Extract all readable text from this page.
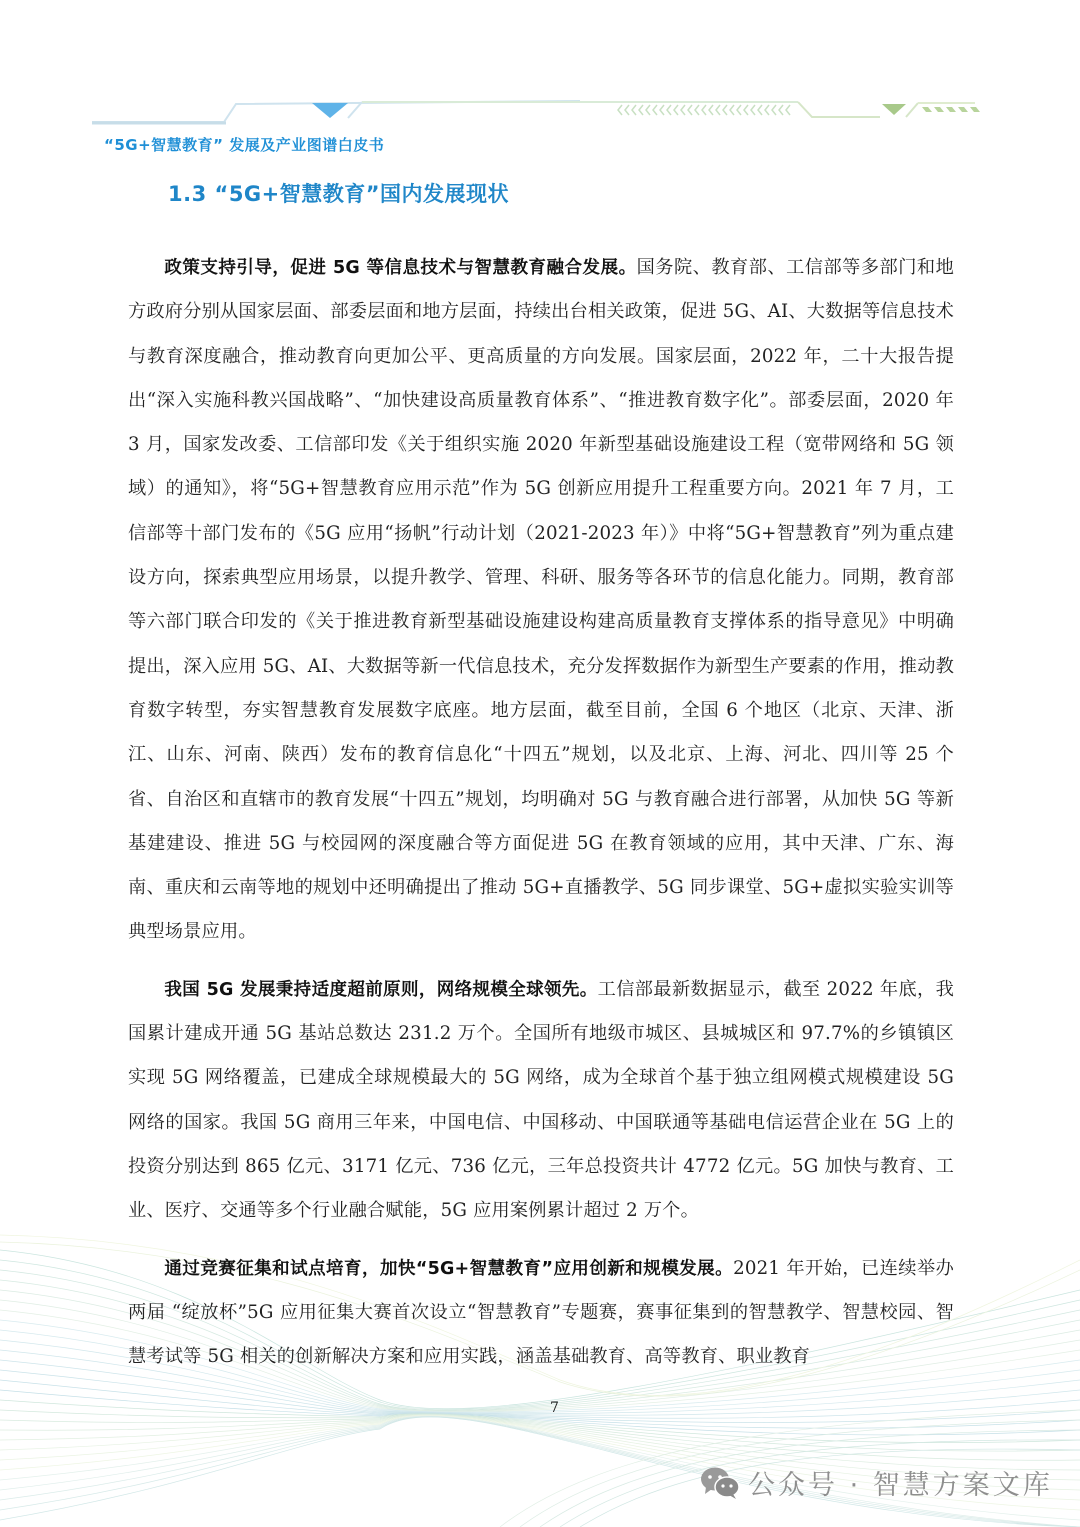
“5G+智慧教育” 发展及产业图谱白皮书
1.3 “5G+智慧教育”国内发展现状

政策支持引导，促进 5G 等信息技术与智慧教育融合发展。国务院、教育部、工信部等多部门和地方政府分别从国家层面、部委层面和地方层面，持续出台相关政策，促进 5G、AI、大数据等信息技术与教育深度融合，推动教育向更加公平、更高质量的方向发展。国家层面，2022 年，二十大报告提出“深入实施科教兴国战略”、“加快建设高质量教育体系”、“推进教育数字化”。部委层面，2020 年 3 月，国家发改委、工信部印发《关于组织实施 2020 年新型基础设施建设工程（宽带网络和 5G 领域）的通知》，将“5G+智慧教育应用示范”作为 5G 创新应用提升工程重要方向。2021 年 7 月，工信部等十部门发布的《5G 应用“扬帆”行动计划（2021-2023 年）》中将“5G+智慧教育”列为重点建设方向，探索典型应用场景，以提升教学、管理、科研、服务等各环节的信息化能力。同期，教育部等六部门联合印发的《关于推进教育新型基础设施建设构建高质量教育支撑体系的指导意见》中明确提出，深入应用 5G、AI、大数据等新一代信息技术，充分发挥数据作为新型生产要素的作用，推动教育数字转型，夯实智慧教育发展数字底座。地方层面，截至目前，全国 6 个地区（北京、天津、浙江、山东、河南、陕西）发布的教育信息化“十四五”规划，以及北京、上海、河北、四川等 25 个省、自治区和直辖市的教育发展“十四五”规划，均明确对 5G 与教育融合进行部署，从加快 5G 等新基建建设、推进 5G 与校园网的深度融合等方面促进 5G 在教育领域的应用，其中天津、广东、海南、重庆和云南等地的规划中还明确提出了推动 5G+直播教学、5G 同步课堂、5G+虚拟实验实训等典型场景应用。

我国 5G 发展秉持适度超前原则，网络规模全球领先。工信部最新数据显示，截至 2022 年底，我国累计建成开通 5G 基站总数达 231.2 万个。全国所有地级市城区、县城城区和 97.7%的乡镇镇区实现 5G 网络覆盖，已建成全球规模最大的 5G 网络，成为全球首个基于独立组网模式规模建设 5G 网络的国家。我国 5G 商用三年来，中国电信、中国移动、中国联通等基础电信运营企业在 5G 上的投资分别达到 865 亿元、3171 亿元、736 亿元，三年总投资共计 4772 亿元。5G 加快与教育、工业、医疗、交通等多个行业融合赋能，5G 应用案例累计超过 2 万个。

通过竞赛征集和试点培育，加快“5G+智慧教育”应用创新和规模发展。2021 年开始，已连续举办两届 “绽放杯”5G 应用征集大赛首次设立“智慧教育”专题赛，赛事征集到的智慧教学、智慧校园、智慧考试等 5G 相关的创新解决方案和应用实践，涵盖基础教育、高等教育、职业教育

7
公众号 · 智慧方案文库
